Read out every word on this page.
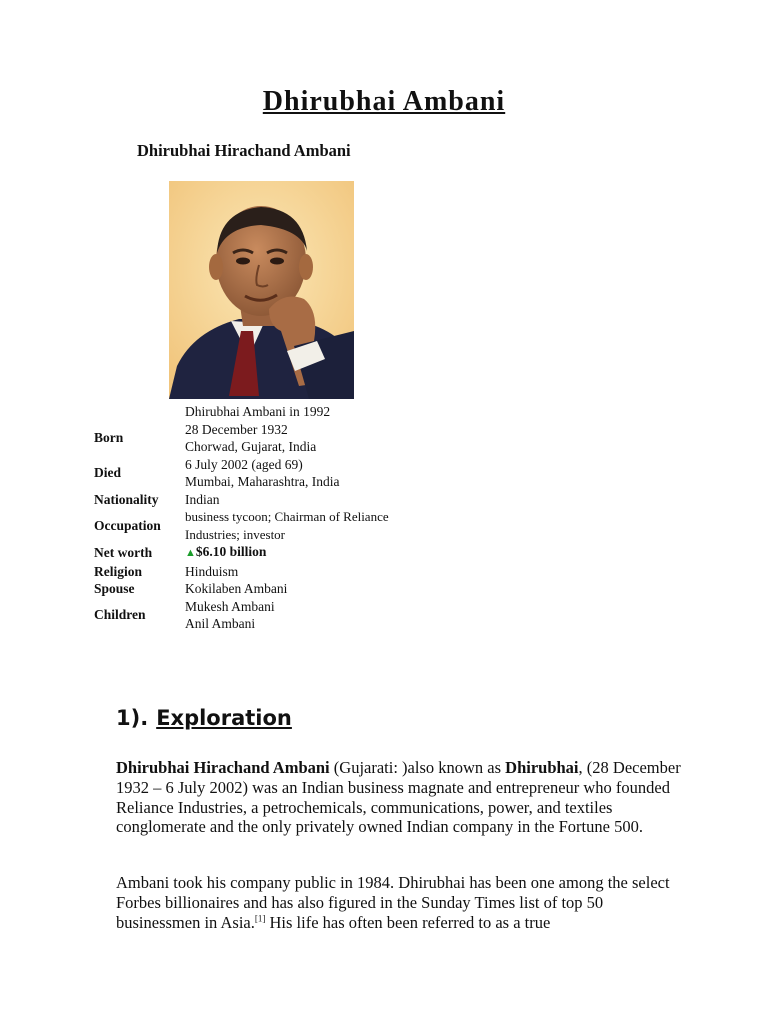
Dhirubhai Ambani
Dhirubhai Hirachand Ambani
	Dhirubhai Ambani in 1992
Born	28 December 1932
Chorwad, Gujarat, India

Died	6 July 2002 (aged 69)
Mumbai, Maharashtra, India

Nationality	Indian
Occupation	business tycoon; Chairman of Reliance
Industries; investor

Net worth	▲$6.10 billion
Religion	Hinduism
Spouse	Kokilaben Ambani
Children	Mukesh Ambani
Anil Ambani
1). Exploration

Dhirubhai Hirachand Ambani (Gujarati: )also known as Dhirubhai, (28 December 1932 – 6 July 2002) was an Indian business magnate and entrepreneur who founded Reliance Industries, a petrochemicals, communications, power, and textiles conglomerate and the only privately owned Indian company in the Fortune 500.

Ambani took his company public in 1984. Dhirubhai has been one among the select Forbes billionaires and has also figured in the Sunday Times list of top 50 businessmen in Asia.[1] His life has often been referred to as a true
